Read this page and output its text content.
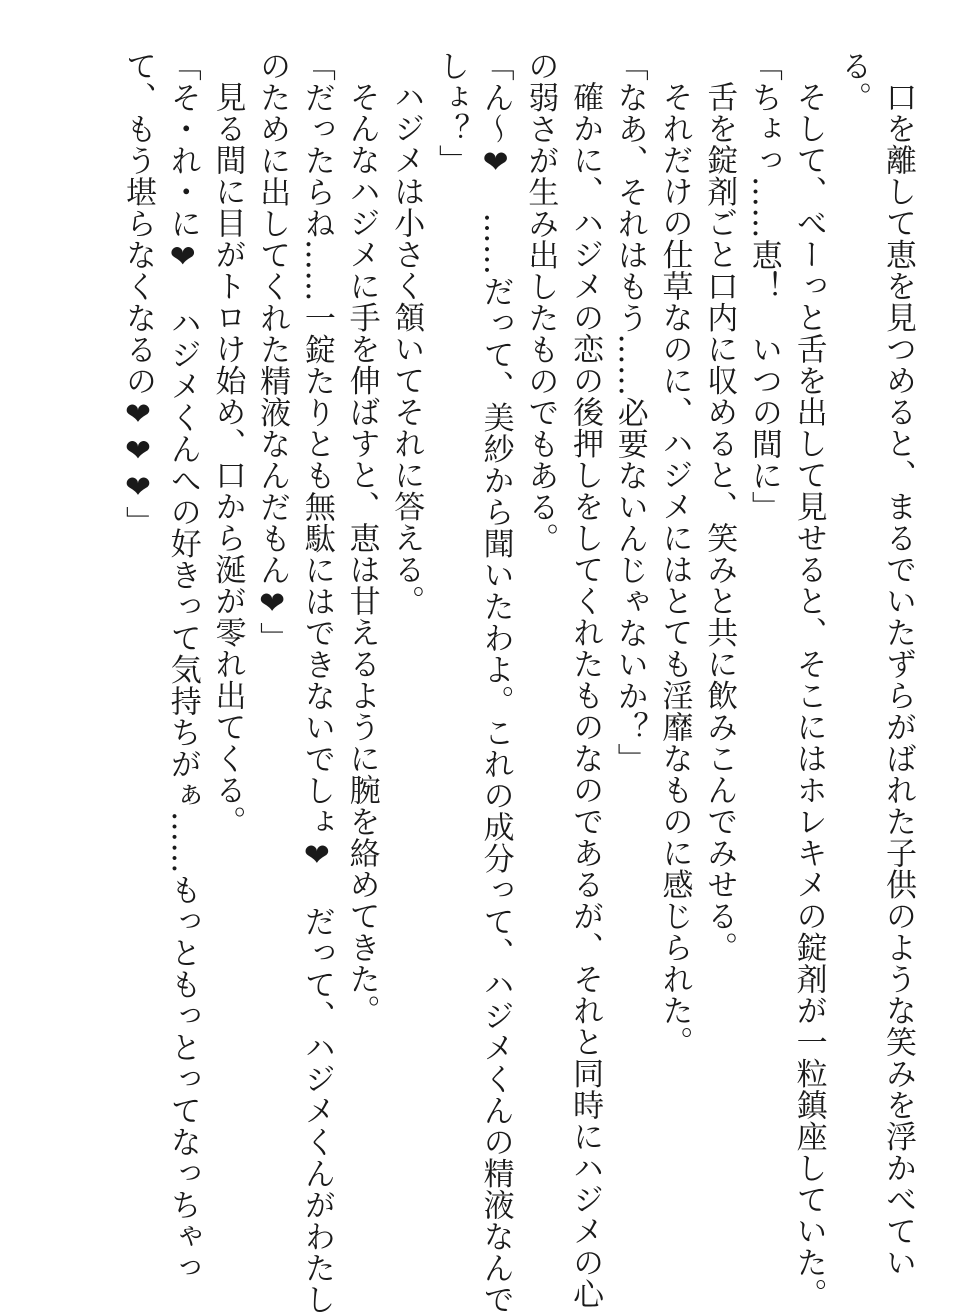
口を離して恵を見つめると、まるでいたずらがばれた子供のような笑みを浮かべてい
る。
そして、べーっと舌を出して見せると、そこにはホレキメの錠剤が一粒鎮座していた。
「ちょっ……恵！　いつの間に」
舌を錠剤ごと口内に収めると、笑みと共に飲みこんでみせる。
それだけの仕草なのに、ハジメにはとても淫靡なものに感じられた。
「なあ、それはもう……必要ないんじゃないか？」
確かに、ハジメの恋の後押しをしてくれたものなのであるが、それと同時にハジメの心
の弱さが生み出したものでもある。
「ん〜❤　……だって、美紗から聞いたわよ。これの成分って、ハジメくんの精液なんで
しょ？」
ハジメは小さく頷いてそれに答える。
そんなハジメに手を伸ばすと、恵は甘えるように腕を絡めてきた。
「だったらね……一錠たりとも無駄にはできないでしょ❤　だって、ハジメくんがわたし
のために出してくれた精液なんだもん❤」
見る間に目がトロけ始め、口から涎が零れ出てくる。
「そ・れ・に❤　ハジメくんへの好きって気持ちがぁ……もっともっとってなっちゃっ
て、もう堪らなくなるの❤❤❤」
